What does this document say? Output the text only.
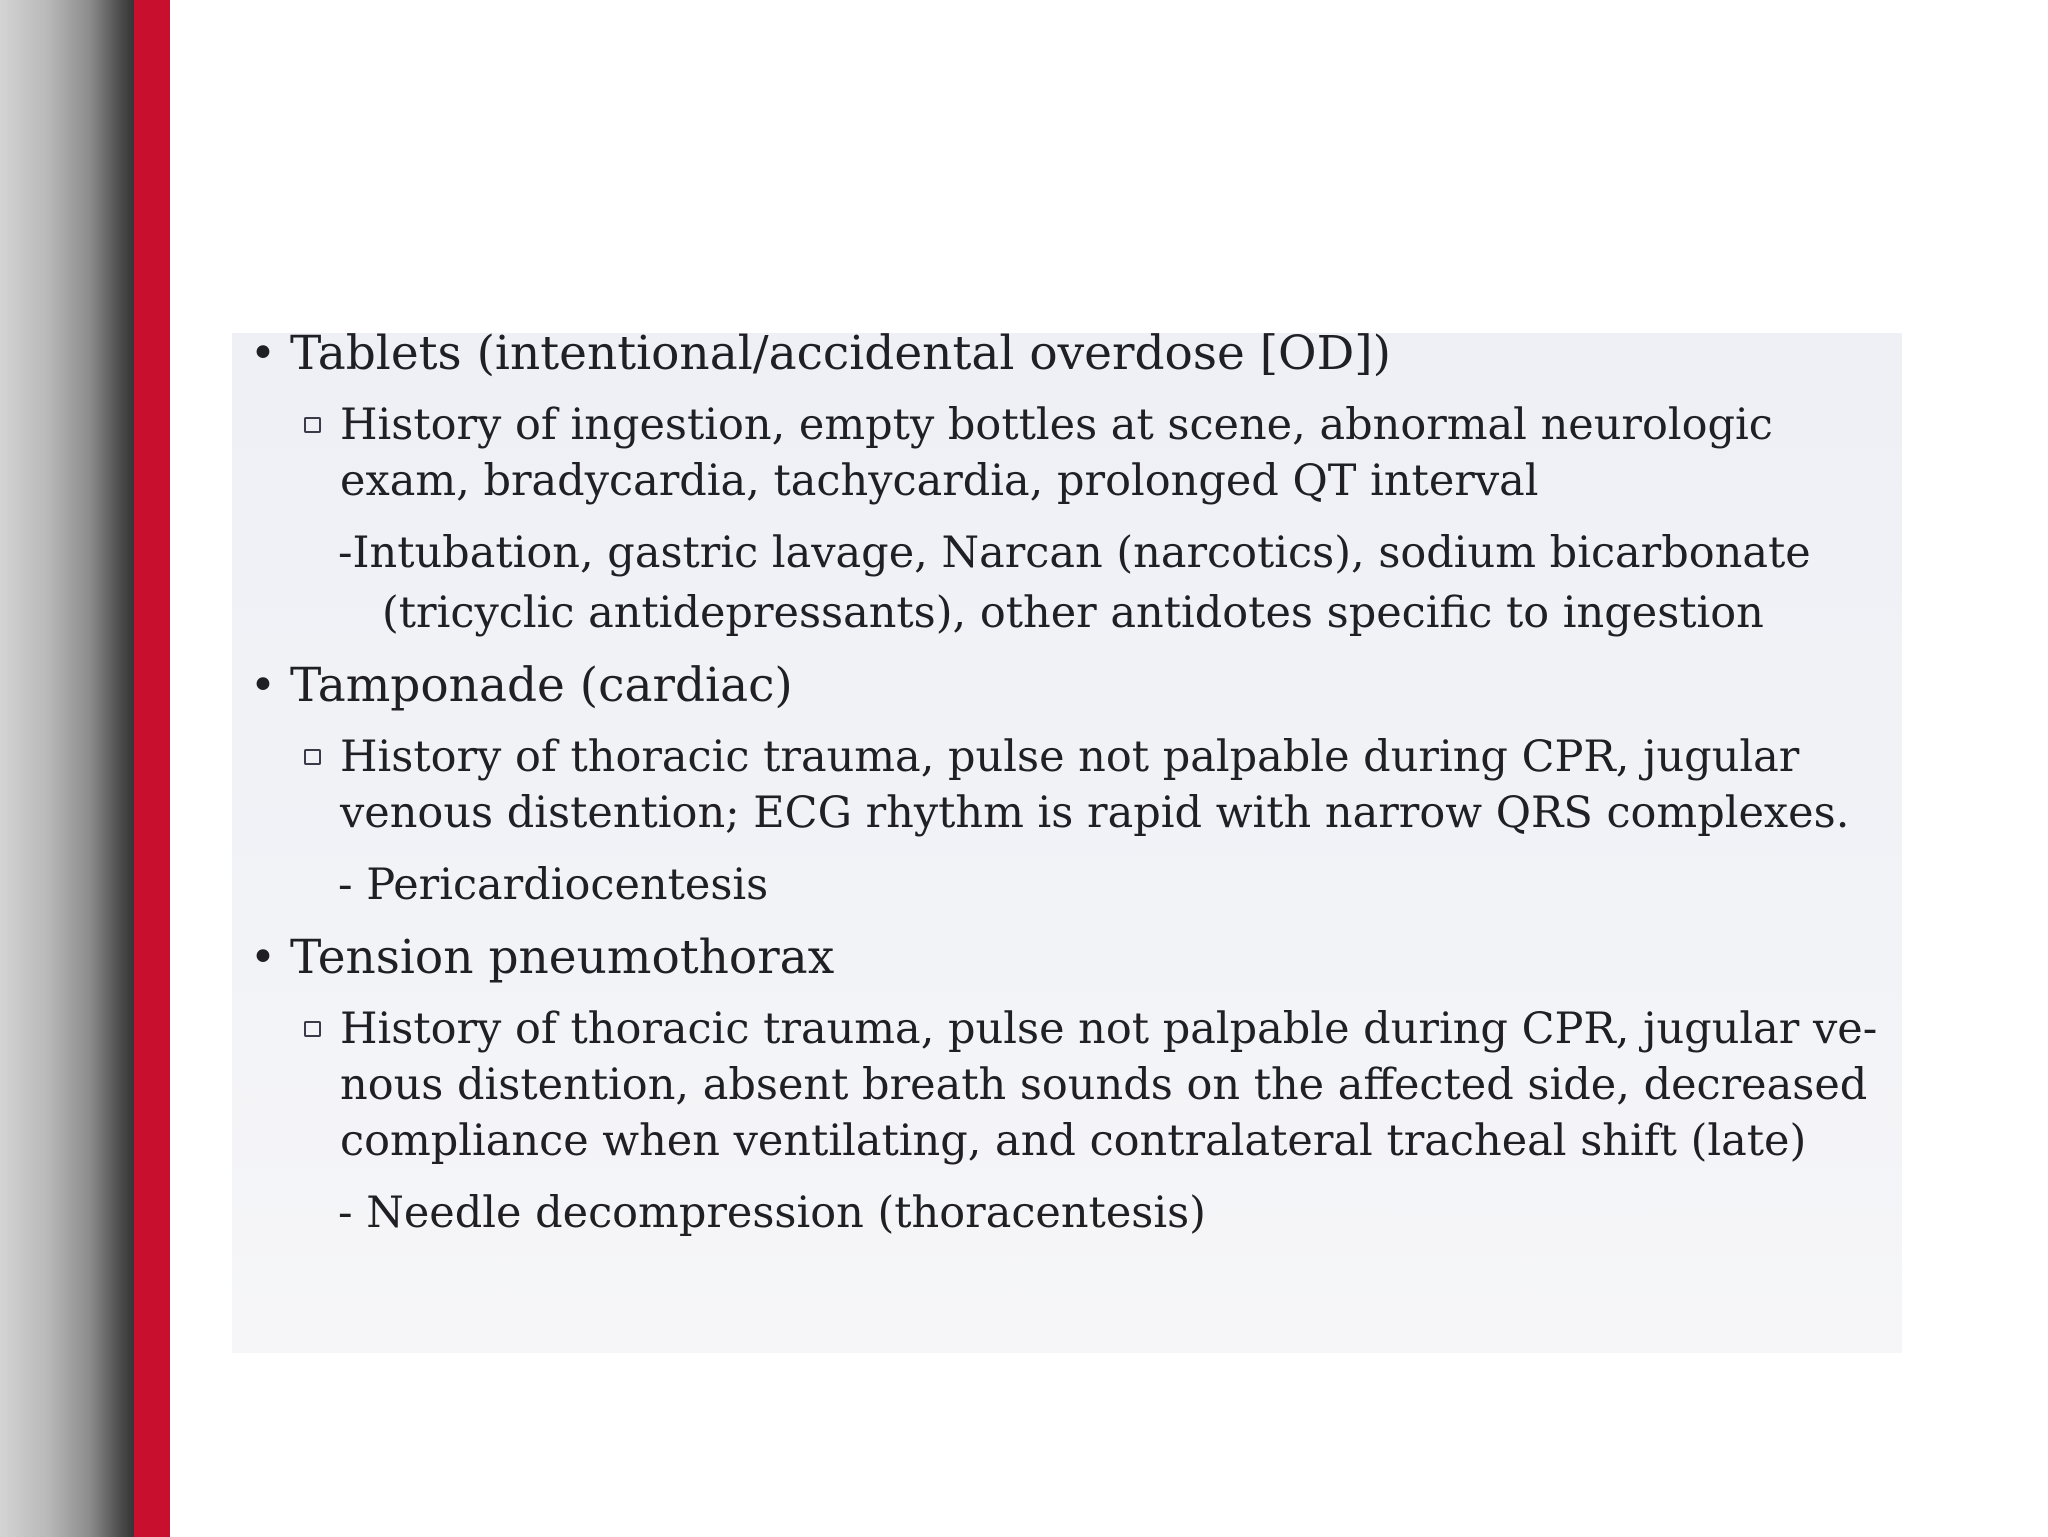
• Tablets (intentional/accidental overdose [OD])
History of ingestion, empty bottles at scene, abnormal neurologic
exam, bradycardia, tachycardia, prolonged QT interval
-Intubation, gastric lavage, Narcan (narcotics), sodium bicarbonate
(tricyclic antidepressants), other antidotes specific to ingestion
• Tamponade (cardiac)
History of thoracic trauma, pulse not palpable during CPR, jugular
venous distention; ECG rhythm is rapid with narrow QRS complexes.
- Pericardiocentesis
• Tension pneumothorax
History of thoracic trauma, pulse not palpable during CPR, jugular ve-
nous distention, absent breath sounds on the affected side, decreased
compliance when ventilating, and contralateral tracheal shift (late)
- Needle decompression (thoracentesis)
